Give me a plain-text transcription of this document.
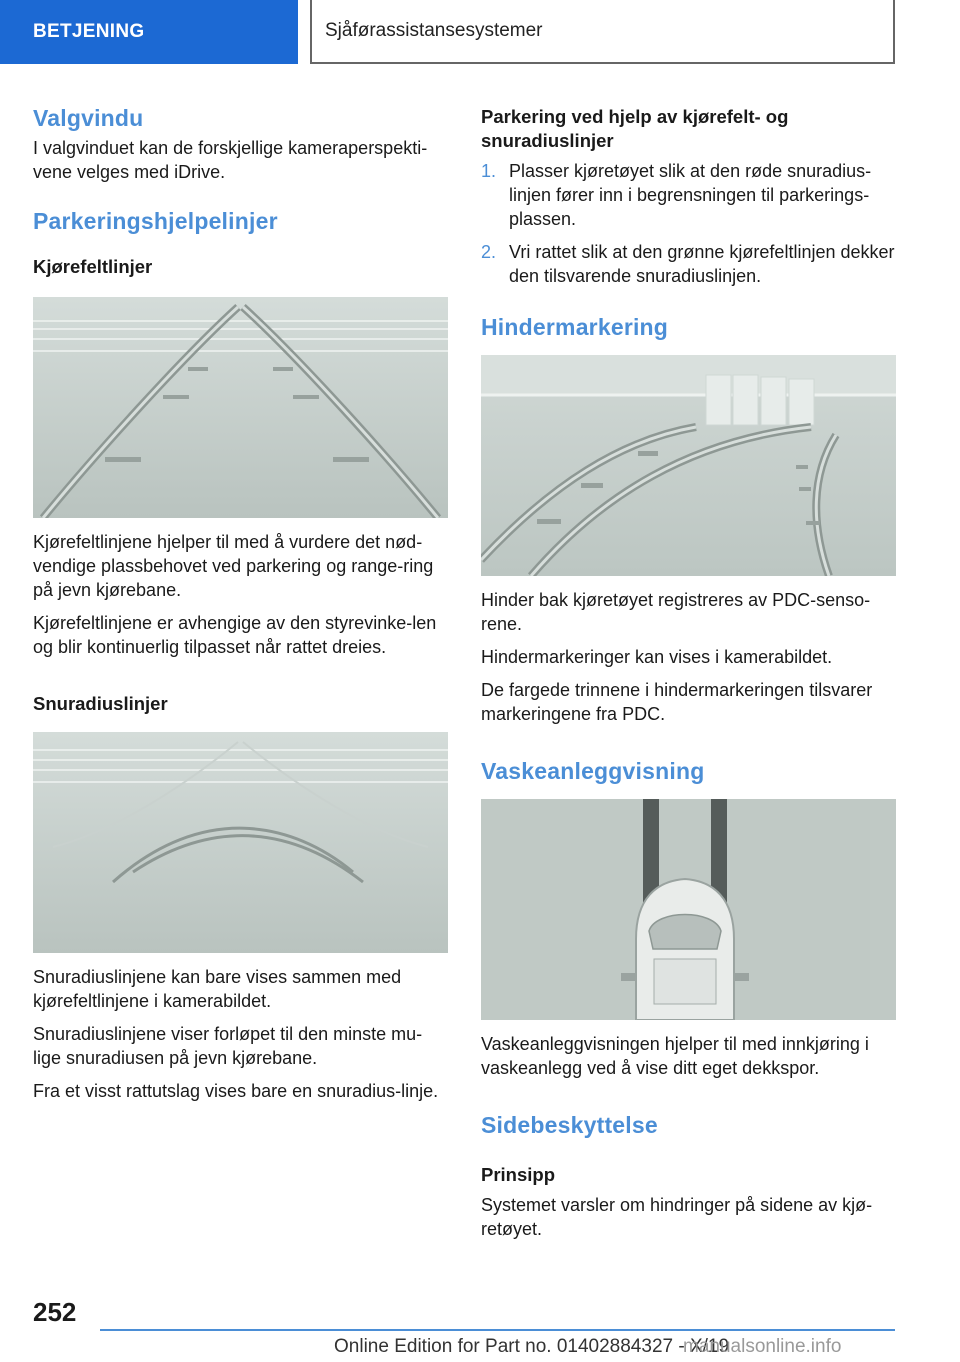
BETJENING	Sjåførassistansesystemer
Valgvindu

I valgvinduet kan de forskjellige kameraperspekti-vene velges med iDrive.

Parkeringshjelpelinjer
Kjørefeltlinjer

Kjørefeltlinjene hjelper til med å vurdere det nød-vendige plassbehovet ved parkering og range-ring på jevn kjørebane.

Kjørefeltlinjene er avhengige av den styrevinke-len og blir kontinuerlig tilpasset når rattet dreies.

Snuradiuslinjer

Snuradiuslinjene kan bare vises sammen med kjørefeltlinjene i kamerabildet.

Snuradiuslinjene viser forløpet til den minste mu-lige snuradiusen på jevn kjørebane.

Fra et visst rattutslag vises bare en snuradius-linje.

Parkering ved hjelp av kjørefelt- og snuradiuslinjer
1. Plasser kjøretøyet slik at den røde snuradius-linjen fører inn i begrensningen til parkerings-plassen.
2. Vri rattet slik at den grønne kjørefeltlinjen dekker den tilsvarende snuradiuslinjen.
Hindermarkering

Hinder bak kjøretøyet registreres av PDC-senso-rene.

Hindermarkeringer kan vises i kamerabildet.

De fargede trinnene i hindermarkeringen tilsvarer markeringene fra PDC.

Vaskeanleggvisning

Vaskeanleggvisningen hjelper til med innkjøring i vaskeanlegg ved å vise ditt eget dekkspor.

Sidebeskyttelse
Prinsipp

Systemet varsler om hindringer på sidene av kjø-retøyet.

252
Online Edition for Part no. 01402884327 - X/19
manualsonline.info
